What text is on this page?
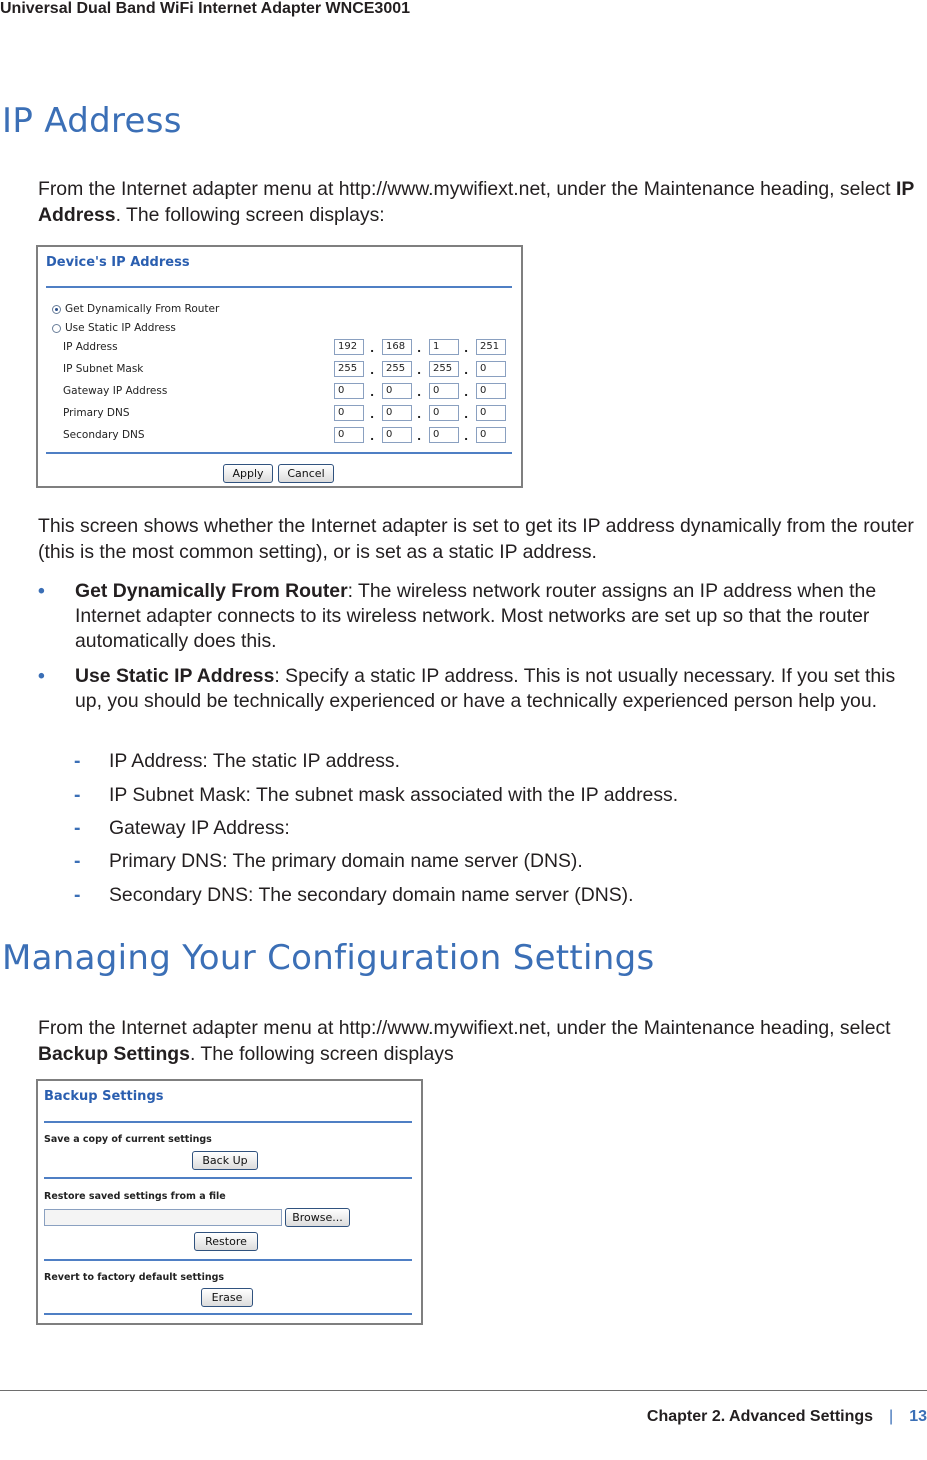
Universal Dual Band WiFi Internet Adapter WNCE3001
IP Address

From the Internet adapter menu at http://www.mywifiext.net, under the Maintenance heading, select IP Address. The following screen displays:

Device's IP Address
Get Dynamically From Router
Use Static IP Address
IP Address	192	.	168	.	1	.	251
IP Subnet Mask	255	.	255	.	255	.	0
Gateway IP Address	0	.	0	.	0	.	0
Primary DNS	0	.	0	.	0	.	0
Secondary DNS	0	.	0	.	0	.	0
Apply	Cancel

This screen shows whether the Internet adapter is set to get its IP address dynamically from the router (this is the most common setting), or is set as a static IP address.

• Get Dynamically From Router: The wireless network router assigns an IP address when the Internet adapter connects to its wireless network. Most networks are set up so that the router automatically does this.
• Use Static IP Address: Specify a static IP address. This is not usually necessary. If you set this up, you should be technically experienced or have a technically experienced person help you.
- IP Address: The static IP address.
- IP Subnet Mask: The subnet mask associated with the IP address.
- Gateway IP Address:
- Primary DNS: The primary domain name server (DNS).
- Secondary DNS: The secondary domain name server (DNS).
Managing Your Configuration Settings

From the Internet adapter menu at http://www.mywifiext.net, under the Maintenance heading, select Backup Settings. The following screen displays

Backup Settings
Save a copy of current settings
Back Up
Restore saved settings from a file
Browse...
Restore
Revert to factory default settings
Erase
Chapter 2. Advanced Settings | 13
